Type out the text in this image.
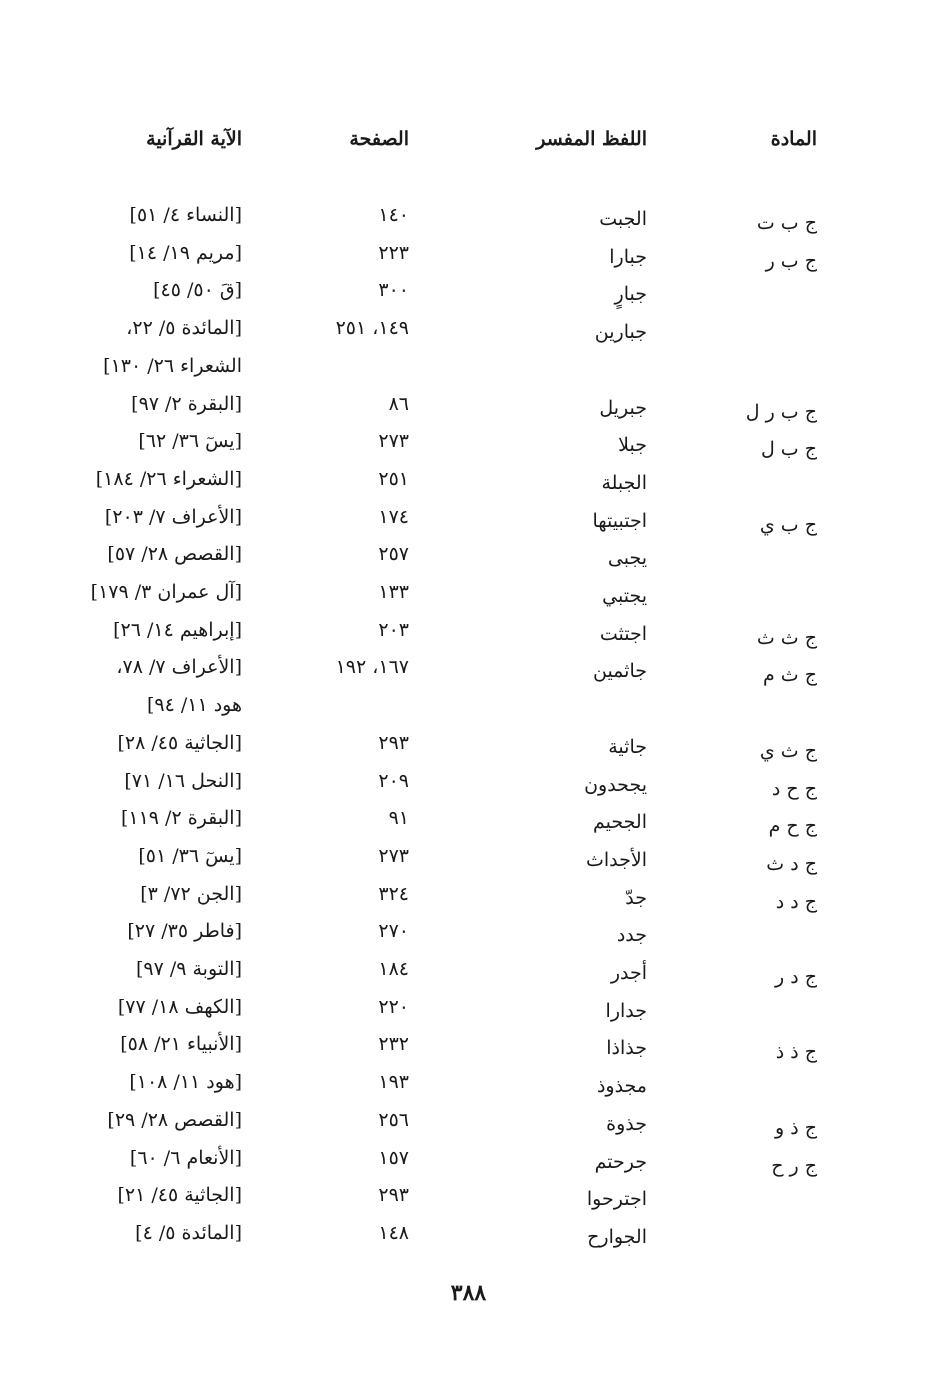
المادة
اللفظ المفسر
الصفحة
الآية القرآنية
ج ب ت
الجبت
١٤٠
[النساء ٤/ ٥١]
ج ب ر
جبارا
٢٢٣
[مريم ١٩/ ١٤]
جبارٍ
٣٠٠
[قَ ٥٠/ ٤٥]
جبارين
١٤٩، ٢٥١
[المائدة ٥/ ٢٢،
الشعراء ٢٦/ ١٣٠]
ج ب ر ل
جبريل
٨٦
[البقرة ٢/ ٩٧]
ج ب ل
جبلا
٢٧٣
[يسٓ ٣٦/ ٦٢]
الجبلة
٢٥١
[الشعراء ٢٦/ ١٨٤]
ج ب ي
اجتبيتها
١٧٤
[الأعراف ٧/ ٢٠٣]
يجبى
٢٥٧
[القصص ٢٨/ ٥٧]
يجتبي
١٣٣
[آل عمران ٣/ ١٧٩]
ج ث ث
اجتثت
٢٠٣
[إبراهيم ١٤/ ٢٦]
ج ث م
جاثمين
١٦٧، ١٩٢
[الأعراف ٧/ ٧٨،
هود ١١/ ٩٤]
ج ث ي
جاثية
٢٩٣
[الجاثية ٤٥/ ٢٨]
ج ح د
يجحدون
٢٠٩
[النحل ١٦/ ٧١]
ج ح م
الجحيم
٩١
[البقرة ٢/ ١١٩]
ج د ث
الأجداث
٢٧٣
[يسٓ ٣٦/ ٥١]
ج د د
جدّ
٣٢٤
[الجن ٧٢/ ٣]
جدد
٢٧٠
[فاطر ٣٥/ ٢٧]
ج د ر
أجدر
١٨٤
[التوبة ٩/ ٩٧]
جدارا
٢٢٠
[الكهف ١٨/ ٧٧]
ج ذ ذ
جذاذا
٢٣٢
[الأنبياء ٢١/ ٥٨]
مجذوذ
١٩٣
[هود ١١/ ١٠٨]
ج ذ و
جذوة
٢٥٦
[القصص ٢٨/ ٢٩]
ج ر ح
جرحتم
١٥٧
[الأنعام ٦/ ٦٠]
اجترحوا
٢٩٣
[الجاثية ٤٥/ ٢١]
الجوارح
١٤٨
[المائدة ٥/ ٤]
٣٨٨
